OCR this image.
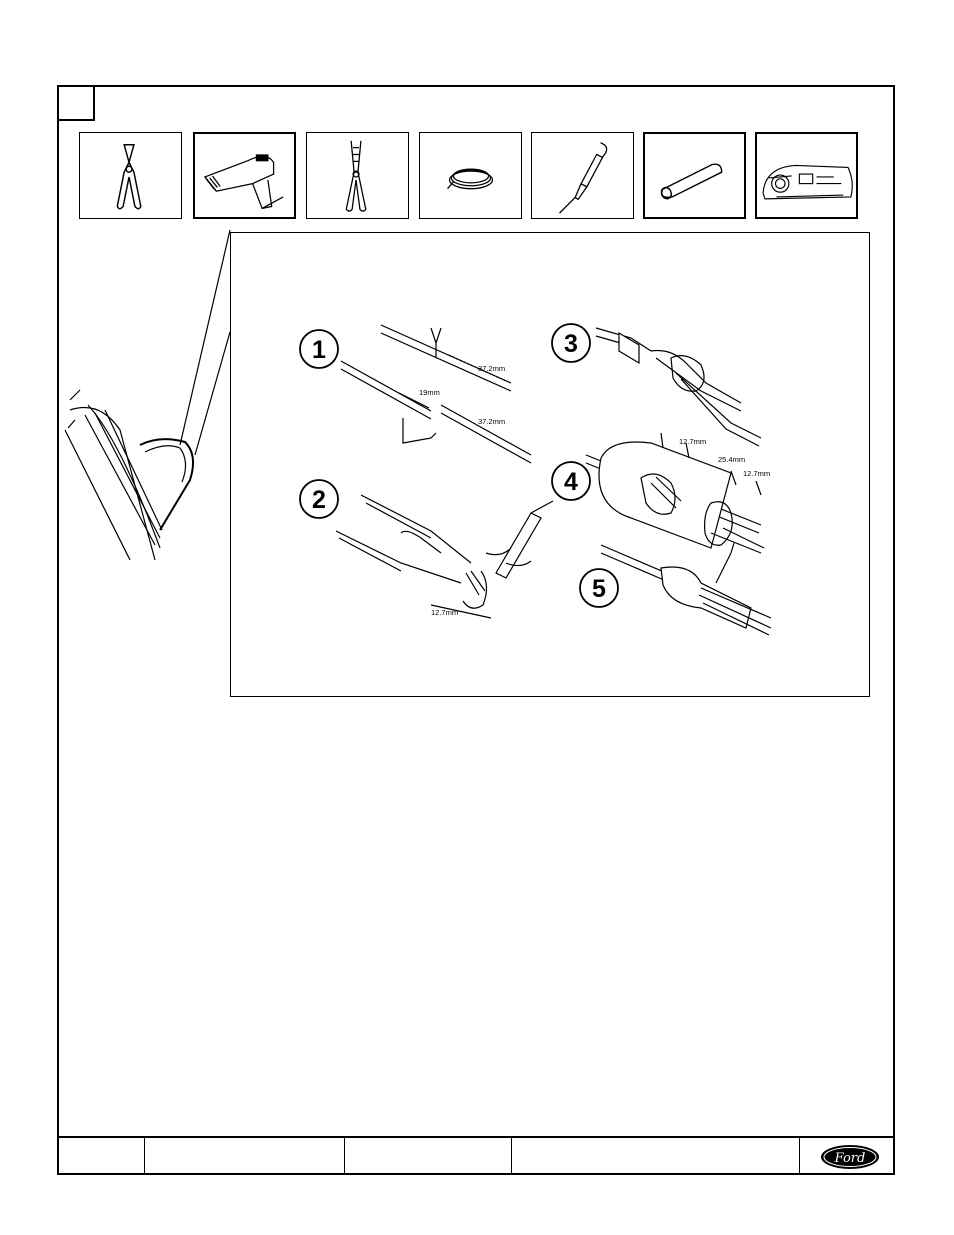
1
2
3
4
5
37.2mm
19mm
37.2mm
12.7mm
12.7mm
25.4mm
12.7mm
Ford
